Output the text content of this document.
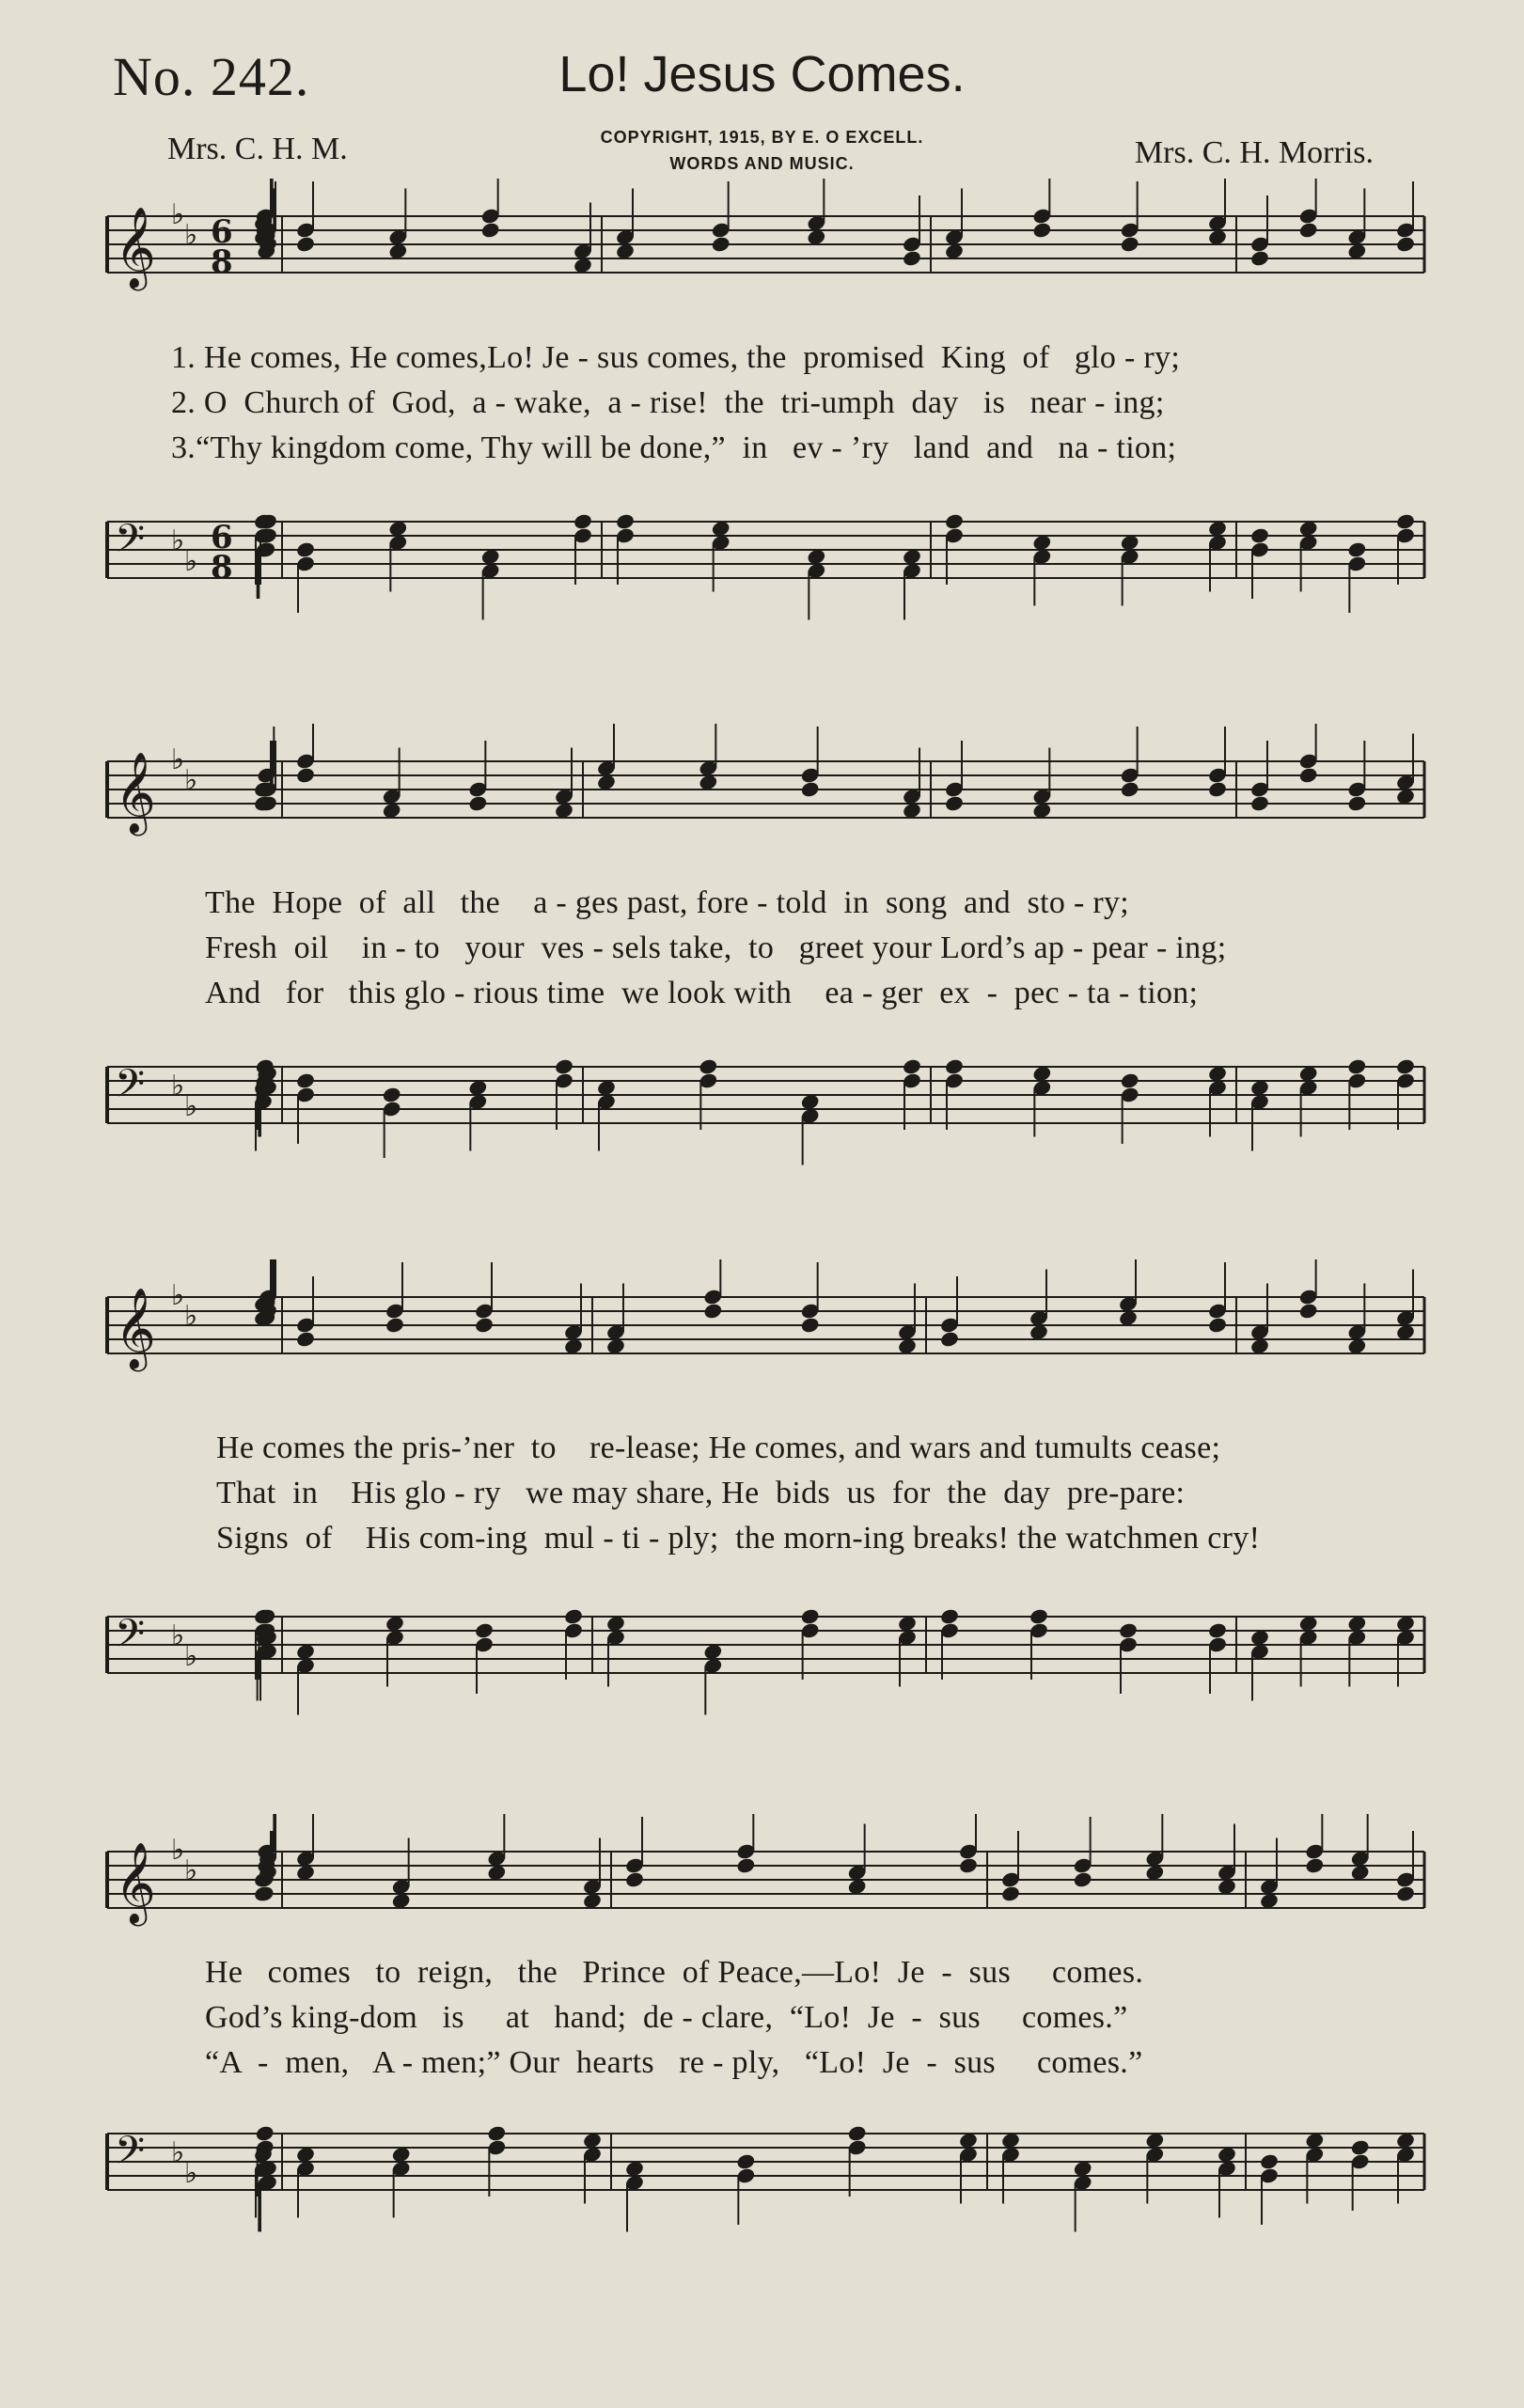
No. 242.	Lo! Jesus Comes.
Mrs. C. H. M.	COPYRIGHT, 1915, BY E. O EXCELL.
WORDS AND MUSIC.	Mrs. C. H. Morris.
𝄞 ♭
♭ 6
8
1. He comes, He comes,Lo! Je - sus comes, the  promised  King  of   glo - ry;
2. O  Church of  God,  a - wake,  a - rise!  the  tri-umph  day   is   near - ing;
3.“Thy kingdom come, Thy will be done,”  in   ev - ’ry   land  and   na - tion;
𝄢 ♭
♭
6
8
𝄞 ♭
♭
The  Hope  of  all   the    a - ges past, fore - told  in  song  and  sto - ry;
Fresh  oil    in - to   your  ves - sels take,  to   greet your Lord’s ap - pear - ing;
And   for   this glo - rious time  we look with    ea - ger  ex  -  pec - ta - tion;
𝄢 ♭
♭
𝄞 ♭
♭
He comes the pris-’ner  to    re-lease; He comes, and wars and tumults cease;
That  in    His glo - ry   we may share, He  bids  us  for  the  day  pre-pare:
Signs  of    His com-ing  mul - ti - ply;  the morn-ing breaks! the watchmen cry!
𝄢 ♭
♭
𝄞 ♭
♭
He   comes   to  reign,   the   Prince  of Peace,—Lo!  Je  -  sus     comes.
God’s king-dom   is     at   hand;  de - clare,  “Lo!  Je  -  sus     comes.”
“A  -  men,   A - men;” Our  hearts   re - ply,   “Lo!  Je  -  sus     comes.”
𝄢 ♭
♭
